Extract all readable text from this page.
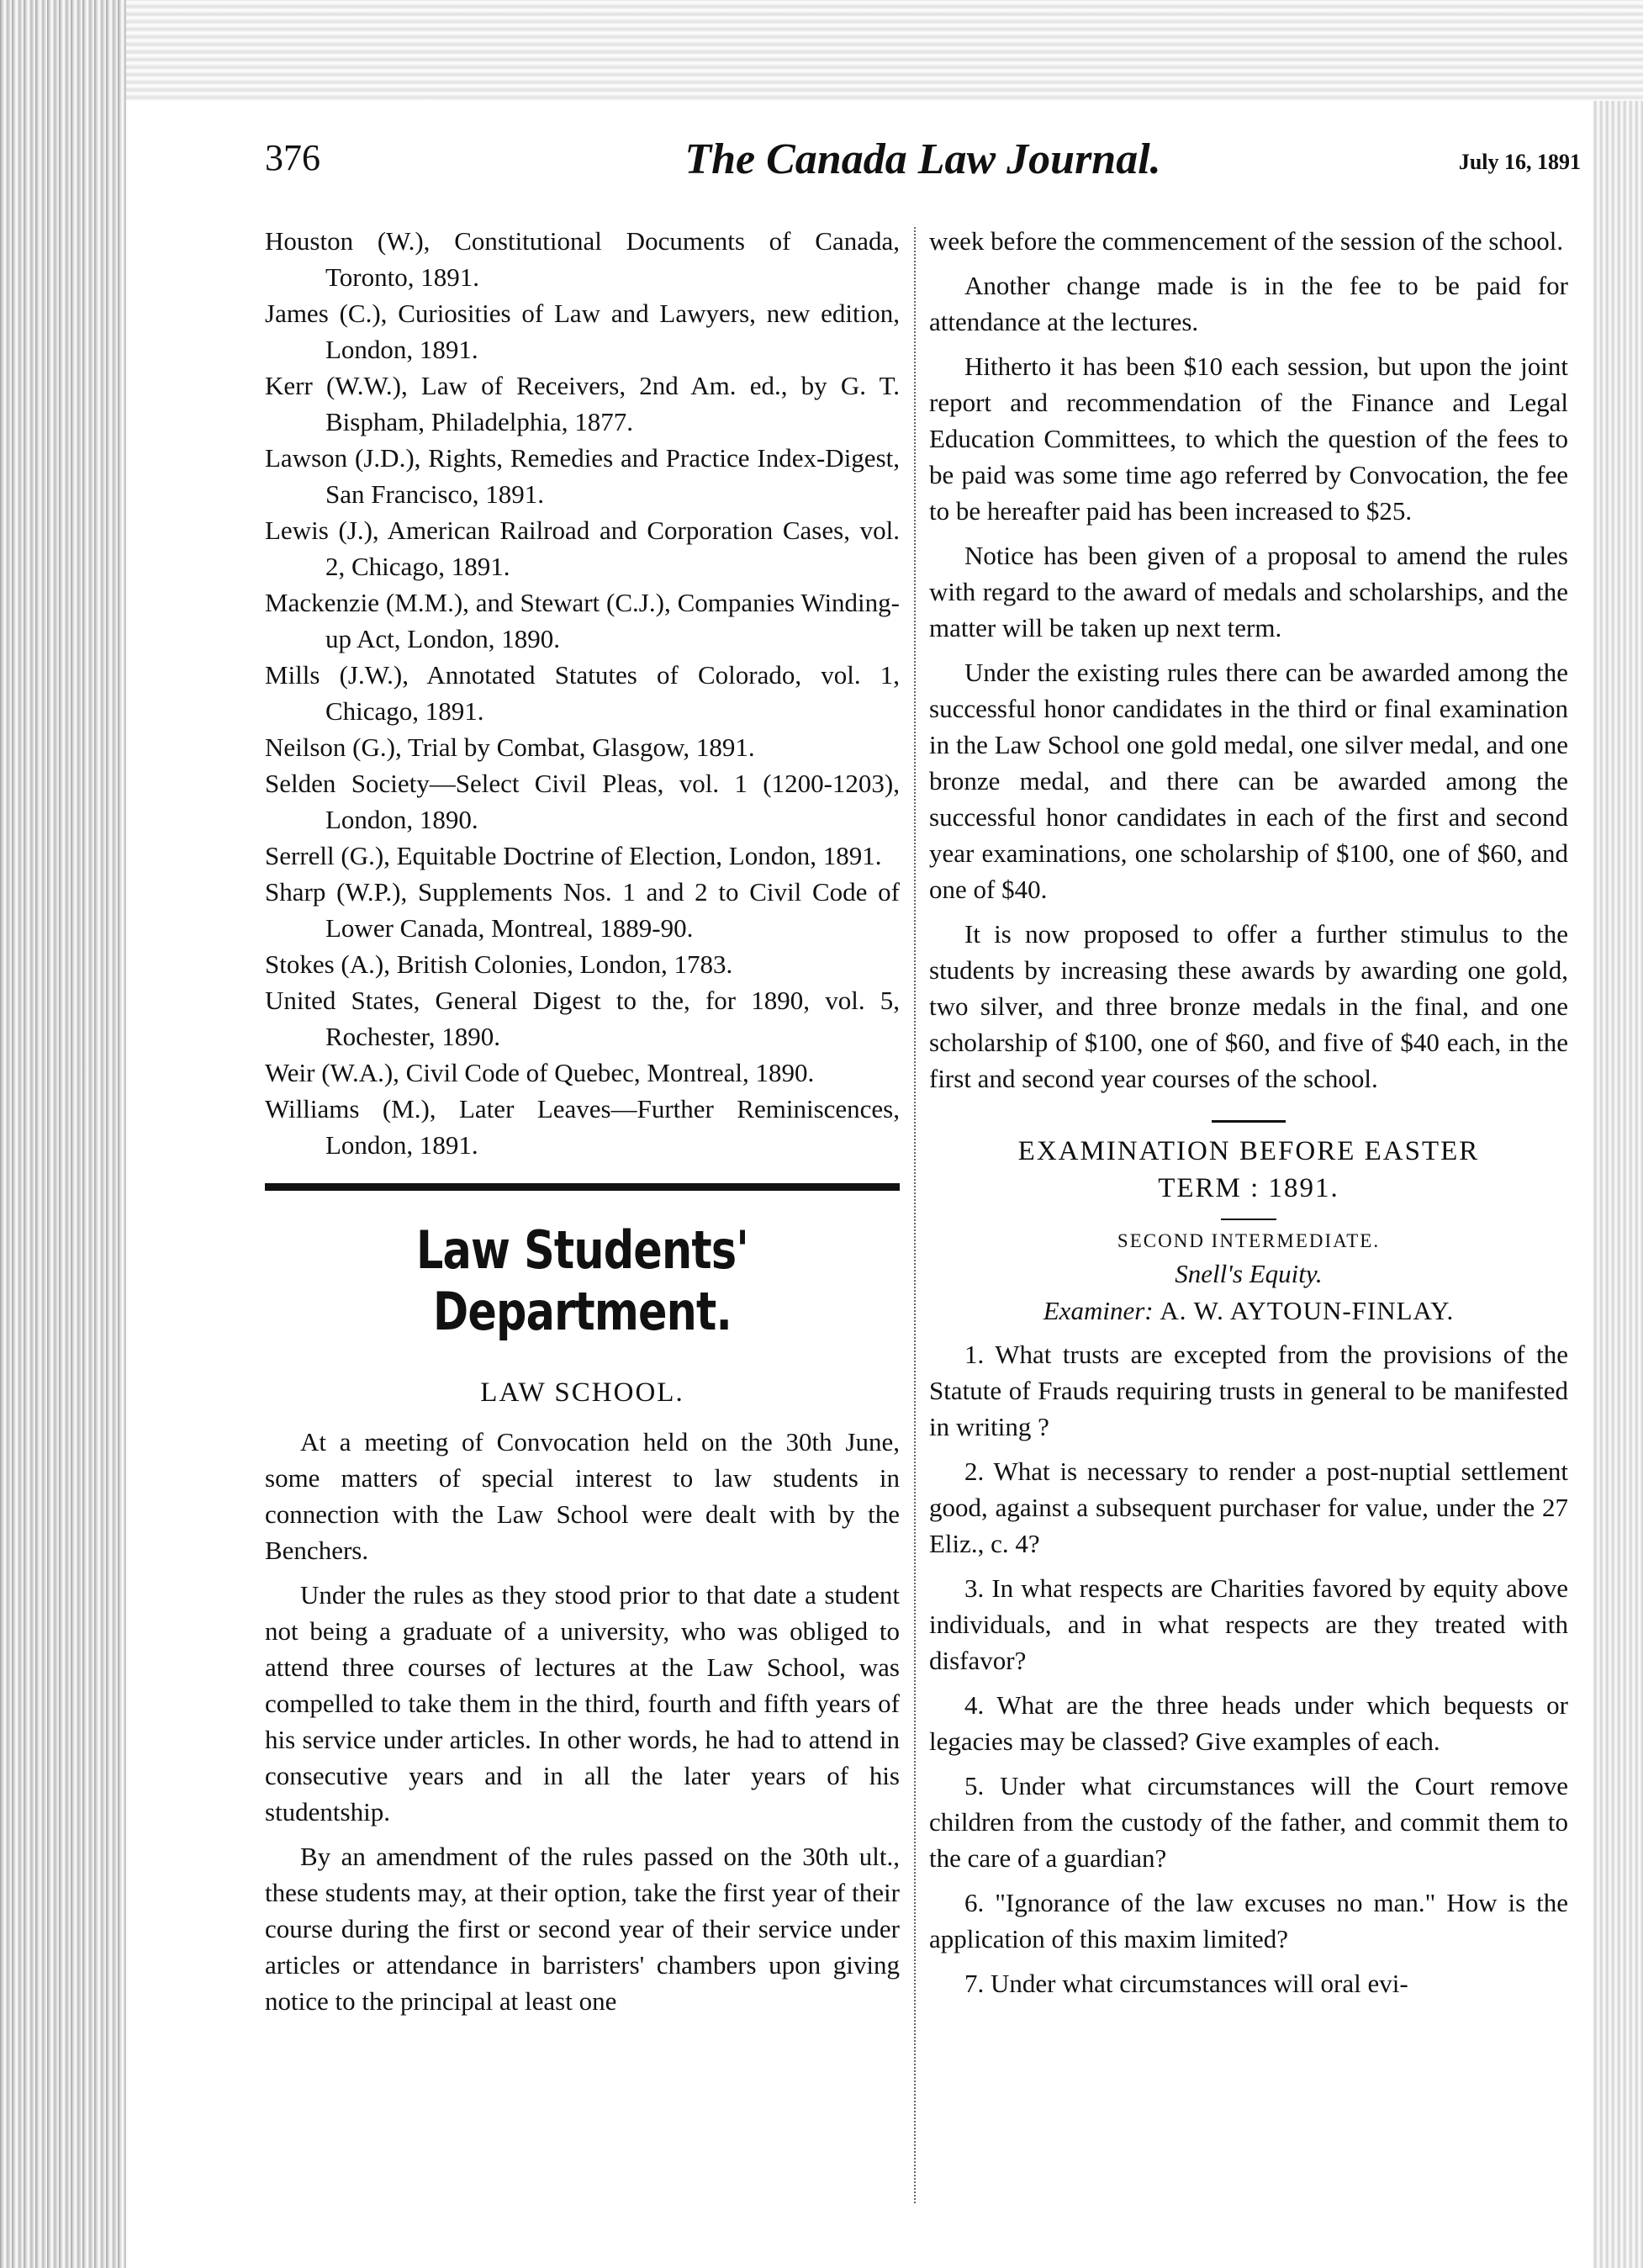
376	The Canada Law Journal.	July 16, 1891
Houston (W.), Constitutional Documents of Canada, Toronto, 1891.
James (C.), Curiosities of Law and Lawyers, new edition, London, 1891.
Kerr (W.W.), Law of Receivers, 2nd Am. ed., by G. T. Bispham, Philadelphia, 1877.
Lawson (J.D.), Rights, Remedies and Practice Index-Digest, San Francisco, 1891.
Lewis (J.), American Railroad and Corporation Cases, vol. 2, Chicago, 1891.
Mackenzie (M.M.), and Stewart (C.J.), Companies Winding-up Act, London, 1890.
Mills (J.W.), Annotated Statutes of Colorado, vol. 1, Chicago, 1891.
Neilson (G.), Trial by Combat, Glasgow, 1891.
Selden Society—Select Civil Pleas, vol. 1 (1200-1203), London, 1890.
Serrell (G.), Equitable Doctrine of Election, London, 1891.
Sharp (W.P.), Supplements Nos. 1 and 2 to Civil Code of Lower Canada, Montreal, 1889-90.
Stokes (A.), British Colonies, London, 1783.
United States, General Digest to the, for 1890, vol. 5, Rochester, 1890.
Weir (W.A.), Civil Code of Quebec, Montreal, 1890.
Williams (M.), Later Leaves—Further Reminiscences, London, 1891.
Law Students' Department.
LAW SCHOOL.

At a meeting of Convocation held on the 30th June, some matters of special interest to law students in connection with the Law School were dealt with by the Benchers.

Under the rules as they stood prior to that date a student not being a graduate of a university, who was obliged to attend three courses of lectures at the Law School, was compelled to take them in the third, fourth and fifth years of his service under articles. In other words, he had to attend in consecutive years and in all the later years of his studentship.

By an amendment of the rules passed on the 30th ult., these students may, at their option, take the first year of their course during the first or second year of their service under articles or attendance in barristers' chambers upon giving notice to the principal at least one

week before the commencement of the session of the school.

Another change made is in the fee to be paid for attendance at the lectures.

Hitherto it has been $10 each session, but upon the joint report and recommendation of the Finance and Legal Education Committees, to which the question of the fees to be paid was some time ago referred by Convocation, the fee to be hereafter paid has been increased to $25.

Notice has been given of a proposal to amend the rules with regard to the award of medals and scholarships, and the matter will be taken up next term.

Under the existing rules there can be awarded among the successful honor candidates in the third or final examination in the Law School one gold medal, one silver medal, and one bronze medal, and there can be awarded among the successful honor candidates in each of the first and second year examinations, one scholarship of $100, one of $60, and one of $40.

It is now proposed to offer a further stimulus to the students by increasing these awards by awarding one gold, two silver, and three bronze medals in the final, and one scholarship of $100, one of $60, and five of $40 each, in the first and second year courses of the school.

EXAMINATION BEFORE EASTER
TERM : 1891.
SECOND INTERMEDIATE.
Snell's Equity.
Examiner: A. W. AYTOUN-FINLAY.

1. What trusts are excepted from the provisions of the Statute of Frauds requiring trusts in general to be manifested in writing ?

2. What is necessary to render a post-nuptial settlement good, against a subsequent purchaser for value, under the 27 Eliz., c. 4?

3. In what respects are Charities favored by equity above individuals, and in what respects are they treated with disfavor?

4. What are the three heads under which bequests or legacies may be classed? Give examples of each.

5. Under what circumstances will the Court remove children from the custody of the father, and commit them to the care of a guardian?

6. "Ignorance of the law excuses no man." How is the application of this maxim limited?

7. Under what circumstances will oral evi-
